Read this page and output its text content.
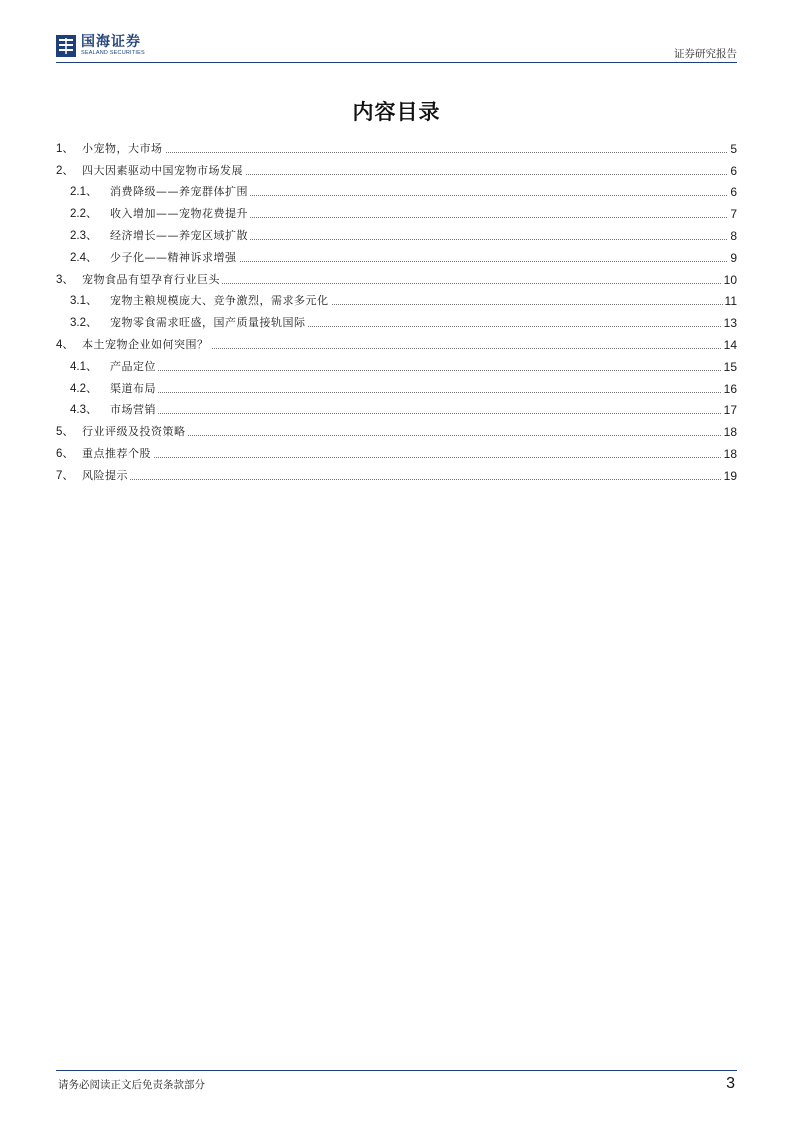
国海证券
SEALAND SECURITIES	证券研究报告
内容目录
1、 小宠物，大市场	5
2、 四大因素驱动中国宠物市场发展	6
2.1、	消费降级——养宠群体扩围	6
2.2、	收入增加——宠物花费提升	7
2.3、	经济增长——养宠区域扩散	8
2.4、	少子化——精神诉求增强	9
3、 宠物食品有望孕育行业巨头	10
3.1、	宠物主粮规模庞大、竞争激烈，需求多元化	11
3.2、	宠物零食需求旺盛，国产质量接轨国际	13
4、 本土宠物企业如何突围？	14
4.1、	产品定位	15
4.2、	渠道布局	16
4.3、	市场营销	17
5、 行业评级及投资策略	18
6、 重点推荐个股	18
7、 风险提示	19
请务必阅读正文后免责条款部分	3
